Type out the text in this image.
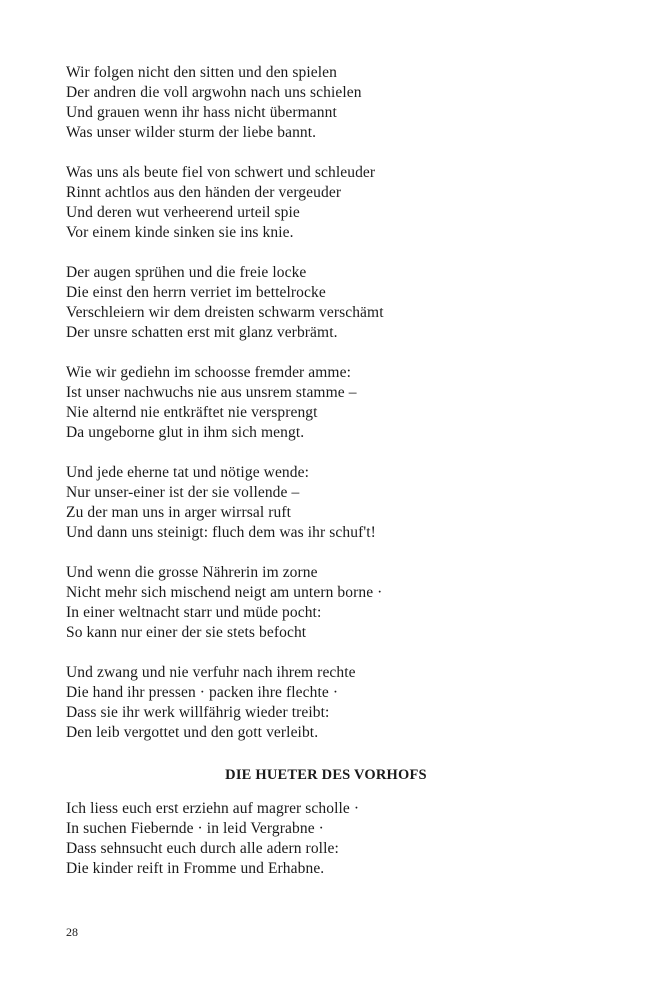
Wir folgen nicht den sitten und den spielen
Der andren die voll argwohn nach uns schielen
Und grauen wenn ihr hass nicht übermannt
Was unser wilder sturm der liebe bannt.
Was uns als beute fiel von schwert und schleuder
Rinnt achtlos aus den händen der vergeuder
Und deren wut verheerend urteil spie
Vor einem kinde sinken sie ins knie.
Der augen sprühen und die freie locke
Die einst den herrn verriet im bettelrocke
Verschleiern wir dem dreisten schwarm verschämt
Der unsre schatten erst mit glanz verbrämt.
Wie wir gediehn im schoosse fremder amme:
Ist unser nachwuchs nie aus unsrem stamme –
Nie alternd nie entkräftet nie versprengt
Da ungeborne glut in ihm sich mengt.
Und jede eherne tat und nötige wende:
Nur unser-einer ist der sie vollende –
Zu der man uns in arger wirrsal ruft
Und dann uns steinigt: fluch dem was ihr schuf't!
Und wenn die grosse Nährerin im zorne
Nicht mehr sich mischend neigt am untern borne ·
In einer weltnacht starr und müde pocht:
So kann nur einer der sie stets befocht
Und zwang und nie verfuhr nach ihrem rechte
Die hand ihr pressen · packen ihre flechte ·
Dass sie ihr werk willfährig wieder treibt:
Den leib vergottet und den gott verleibt.
DIE HUETER DES VORHOFS
Ich liess euch erst erziehn auf magrer scholle ·
In suchen Fiebernde · in leid Vergrabne ·
Dass sehnsucht euch durch alle adern rolle:
Die kinder reift in Fromme und Erhabne.
28
